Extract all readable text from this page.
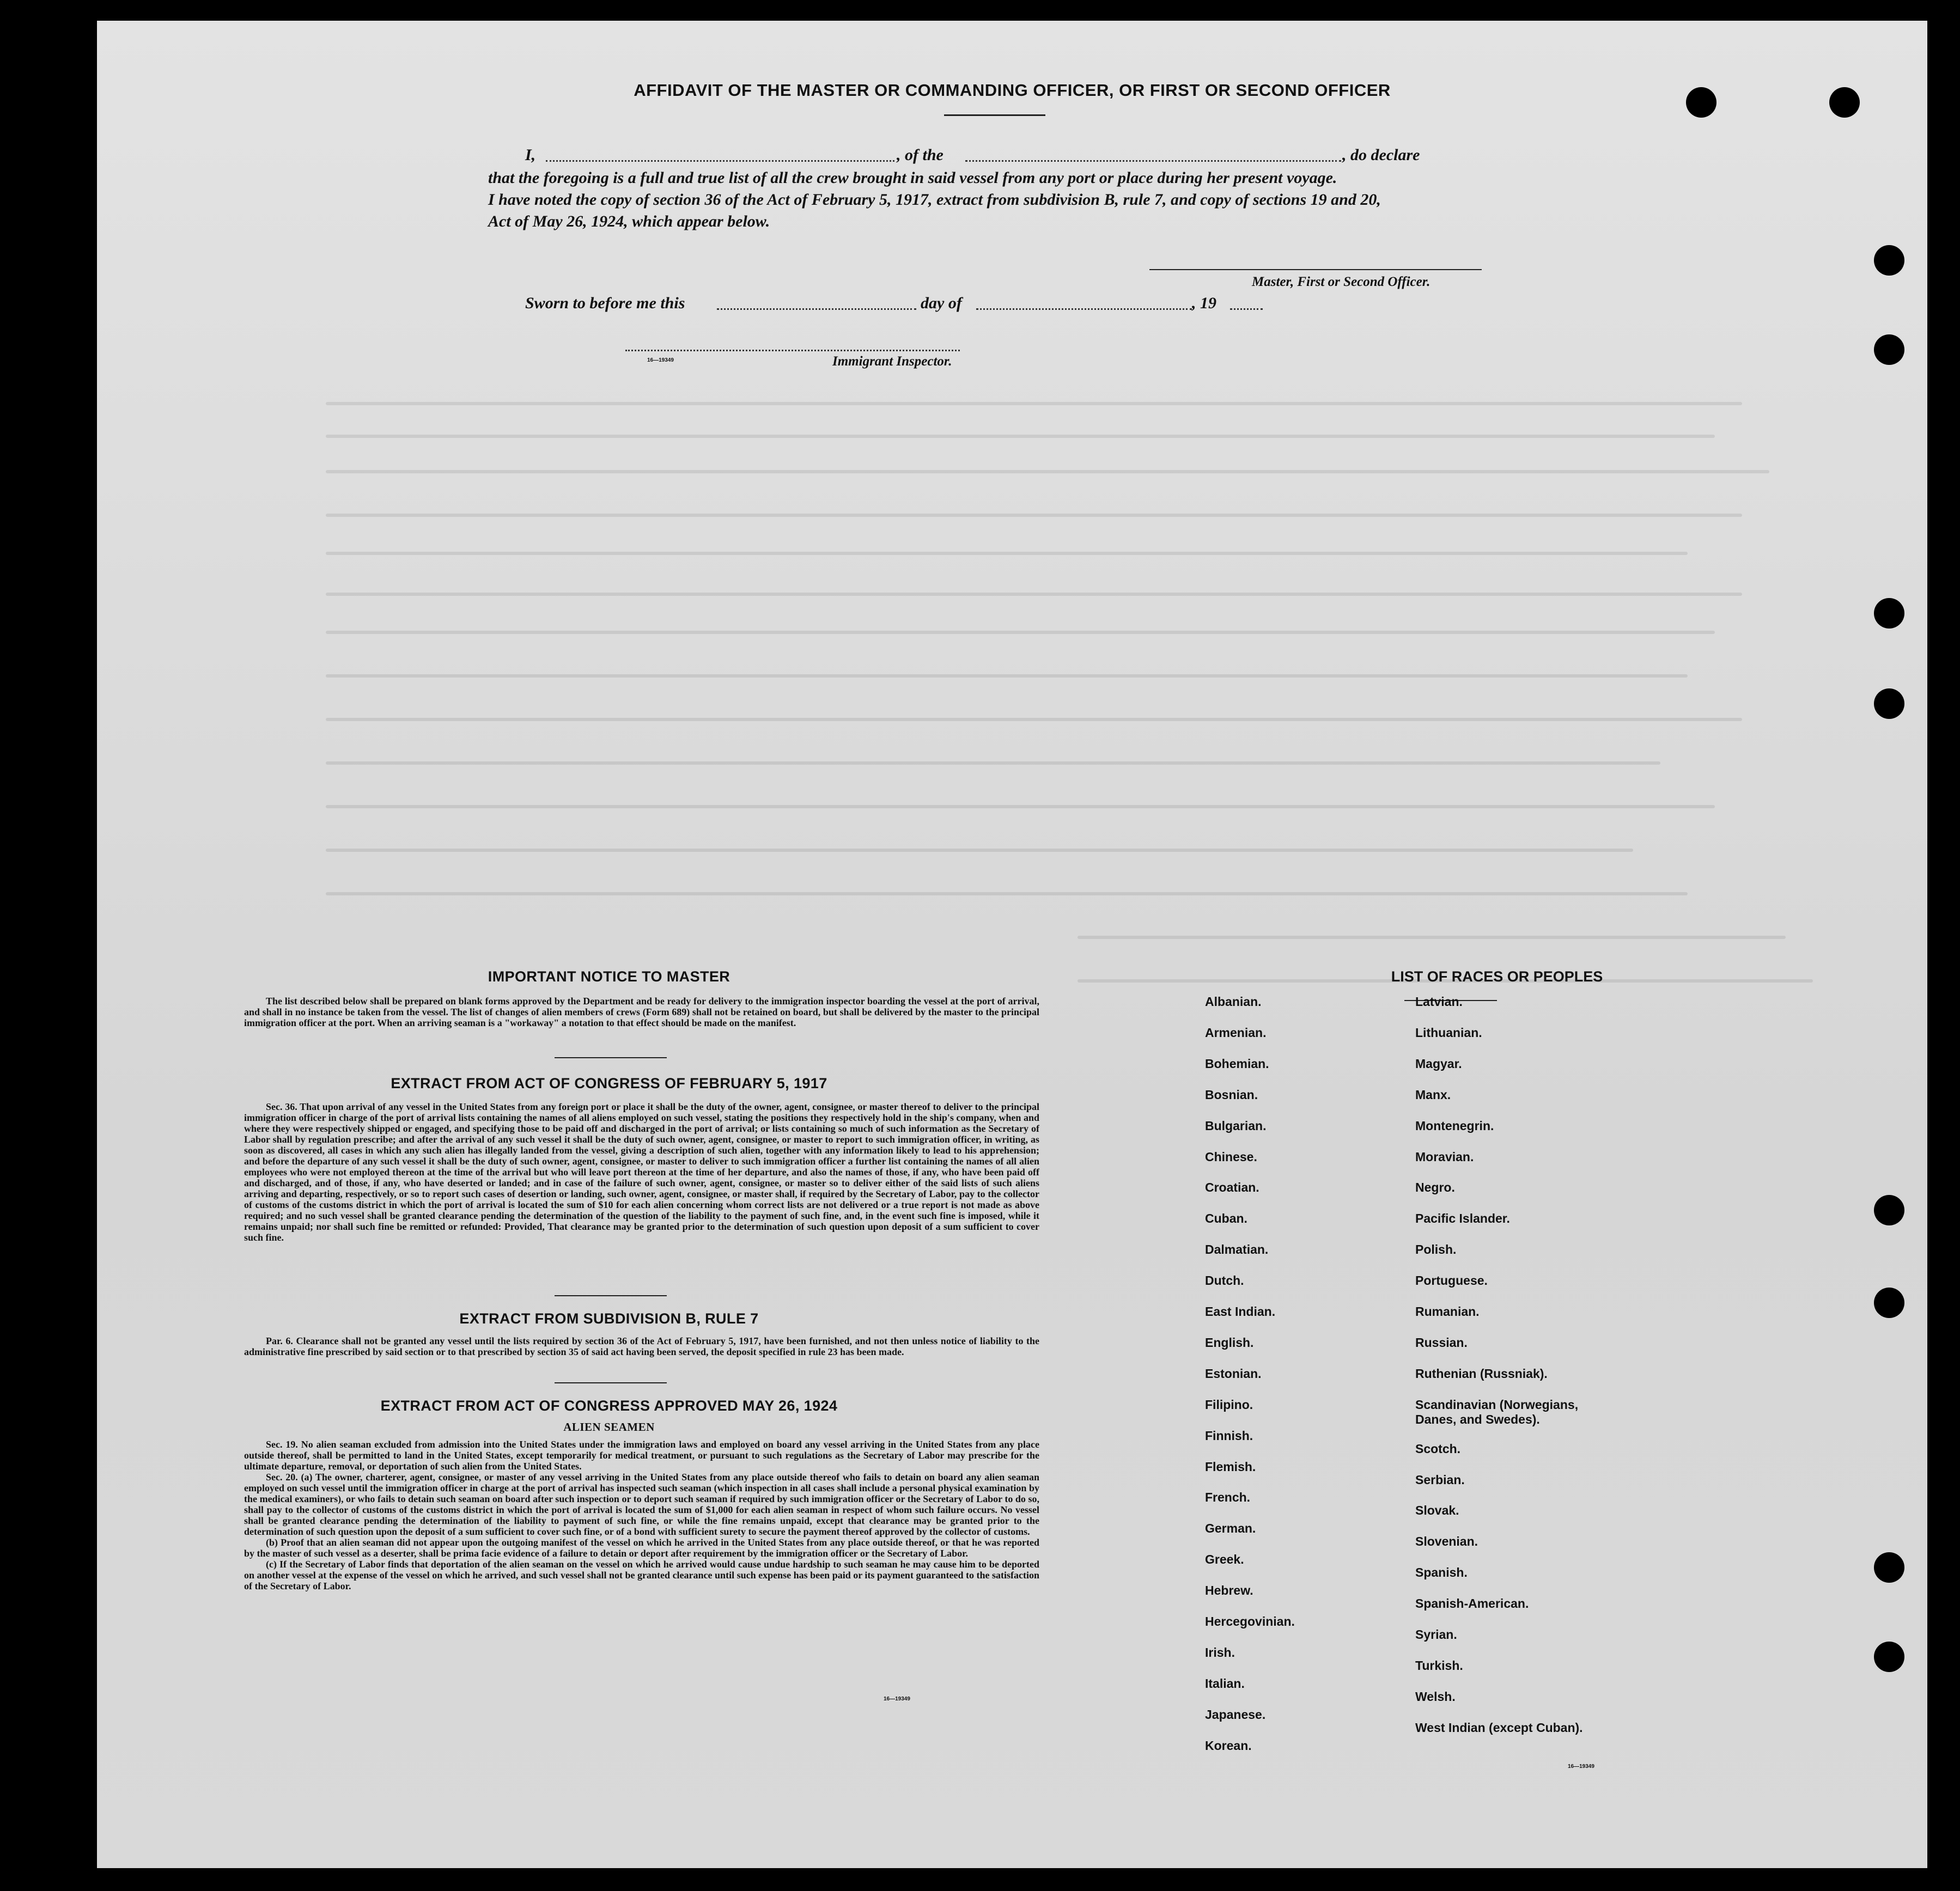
AFFIDAVIT OF THE MASTER OR COMMANDING OFFICER, OR FIRST OR SECOND OFFICER
I,	, of the	, do declare
that the foregoing is a full and true list of all the crew brought in said vessel from any port or place during her present voyage.
I have noted the copy of section 36 of the Act of February 5, 1917, extract from subdivision B, rule 7, and copy of sections 19 and 20,
Act of May 26, 1924, which appear below.
Master, First or Second Officer.
Sworn to before me this	day of	, 19
16—19349	Immigrant Inspector.
IMPORTANT NOTICE TO MASTER

The list described below shall be prepared on blank forms approved by the Department and be ready for delivery to the immigration inspector boarding the vessel at the port of arrival, and shall in no instance be taken from the vessel. The list of changes of alien members of crews (Form 689) shall not be retained on board, but shall be delivered by the master to the principal immigration officer at the port. When an arriving seaman is a "workaway" a notation to that effect should be made on the manifest.

EXTRACT FROM ACT OF CONGRESS OF FEBRUARY 5, 1917

Sec. 36. That upon arrival of any vessel in the United States from any foreign port or place it shall be the duty of the owner, agent, consignee, or master thereof to deliver to the principal immigration officer in charge of the port of arrival lists containing the names of all aliens employed on such vessel, stating the positions they respectively hold in the ship's company, when and where they were respectively shipped or engaged, and specifying those to be paid off and discharged in the port of arrival; or lists containing so much of such information as the Secretary of Labor shall by regulation prescribe; and after the arrival of any such vessel it shall be the duty of such owner, agent, consignee, or master to report to such immigration officer, in writing, as soon as discovered, all cases in which any such alien has illegally landed from the vessel, giving a description of such alien, together with any information likely to lead to his apprehension; and before the departure of any such vessel it shall be the duty of such owner, agent, consignee, or master to deliver to such immigration officer a further list containing the names of all alien employees who were not employed thereon at the time of the arrival but who will leave port thereon at the time of her departure, and also the names of those, if any, who have been paid off and discharged, and of those, if any, who have deserted or landed; and in case of the failure of such owner, agent, consignee, or master so to deliver either of the said lists of such aliens arriving and departing, respectively, or so to report such cases of desertion or landing, such owner, agent, consignee, or master shall, if required by the Secretary of Labor, pay to the collector of customs of the customs district in which the port of arrival is located the sum of $10 for each alien concerning whom correct lists are not delivered or a true report is not made as above required; and no such vessel shall be granted clearance pending the determination of the question of the liability to the payment of such fine, and, in the event such fine is imposed, while it remains unpaid; nor shall such fine be remitted or refunded: Provided, That clearance may be granted prior to the determination of such question upon deposit of a sum sufficient to cover such fine.

EXTRACT FROM SUBDIVISION B, RULE 7

Par. 6. Clearance shall not be granted any vessel until the lists required by section 36 of the Act of February 5, 1917, have been furnished, and not then unless notice of liability to the administrative fine prescribed by said section or to that prescribed by section 35 of said act having been served, the deposit specified in rule 23 has been made.

EXTRACT FROM ACT OF CONGRESS APPROVED MAY 26, 1924
ALIEN SEAMEN

Sec. 19. No alien seaman excluded from admission into the United States under the immigration laws and employed on board any vessel arriving in the United States from any place outside thereof, shall be permitted to land in the United States, except temporarily for medical treatment, or pursuant to such regulations as the Secretary of Labor may prescribe for the ultimate departure, removal, or deportation of such alien from the United States.

Sec. 20. (a) The owner, charterer, agent, consignee, or master of any vessel arriving in the United States from any place outside thereof who fails to detain on board any alien seaman employed on such vessel until the immigration officer in charge at the port of arrival has inspected such seaman (which inspection in all cases shall include a personal physical examination by the medical examiners), or who fails to detain such seaman on board after such inspection or to deport such seaman if required by such immigration officer or the Secretary of Labor to do so, shall pay to the collector of customs of the customs district in which the port of arrival is located the sum of $1,000 for each alien seaman in respect of whom such failure occurs. No vessel shall be granted clearance pending the determination of the liability to payment of such fine, or while the fine remains unpaid, except that clearance may be granted prior to the determination of such question upon the deposit of a sum sufficient to cover such fine, or of a bond with sufficient surety to secure the payment thereof approved by the collector of customs.

(b) Proof that an alien seaman did not appear upon the outgoing manifest of the vessel on which he arrived in the United States from any place outside thereof, or that he was reported by the master of such vessel as a deserter, shall be prima facie evidence of a failure to detain or deport after requirement by the immigration officer or the Secretary of Labor.

(c) If the Secretary of Labor finds that deportation of the alien seaman on the vessel on which he arrived would cause undue hardship to such seaman he may cause him to be deported on another vessel at the expense of the vessel on which he arrived, and such vessel shall not be granted clearance until such expense has been paid or its payment guaranteed to the satisfaction of the Secretary of Labor.

16—19349
LIST OF RACES OR PEOPLES
Albanian.
Armenian.
Bohemian.
Bosnian.
Bulgarian.
Chinese.
Croatian.
Cuban.
Dalmatian.
Dutch.
East Indian.
English.
Estonian.
Filipino.
Finnish.
Flemish.
French.
German.
Greek.
Hebrew.
Hercegovinian.
Irish.
Italian.
Japanese.
Korean.
Latvian.
Lithuanian.
Magyar.
Manx.
Montenegrin.
Moravian.
Negro.
Pacific Islander.
Polish.
Portuguese.
Rumanian.
Russian.
Ruthenian (Russniak).
Scandinavian (Norwegians, Danes, and Swedes).
Scotch.
Serbian.
Slovak.
Slovenian.
Spanish.
Spanish-American.
Syrian.
Turkish.
Welsh.
West Indian (except Cuban).
16—19349
